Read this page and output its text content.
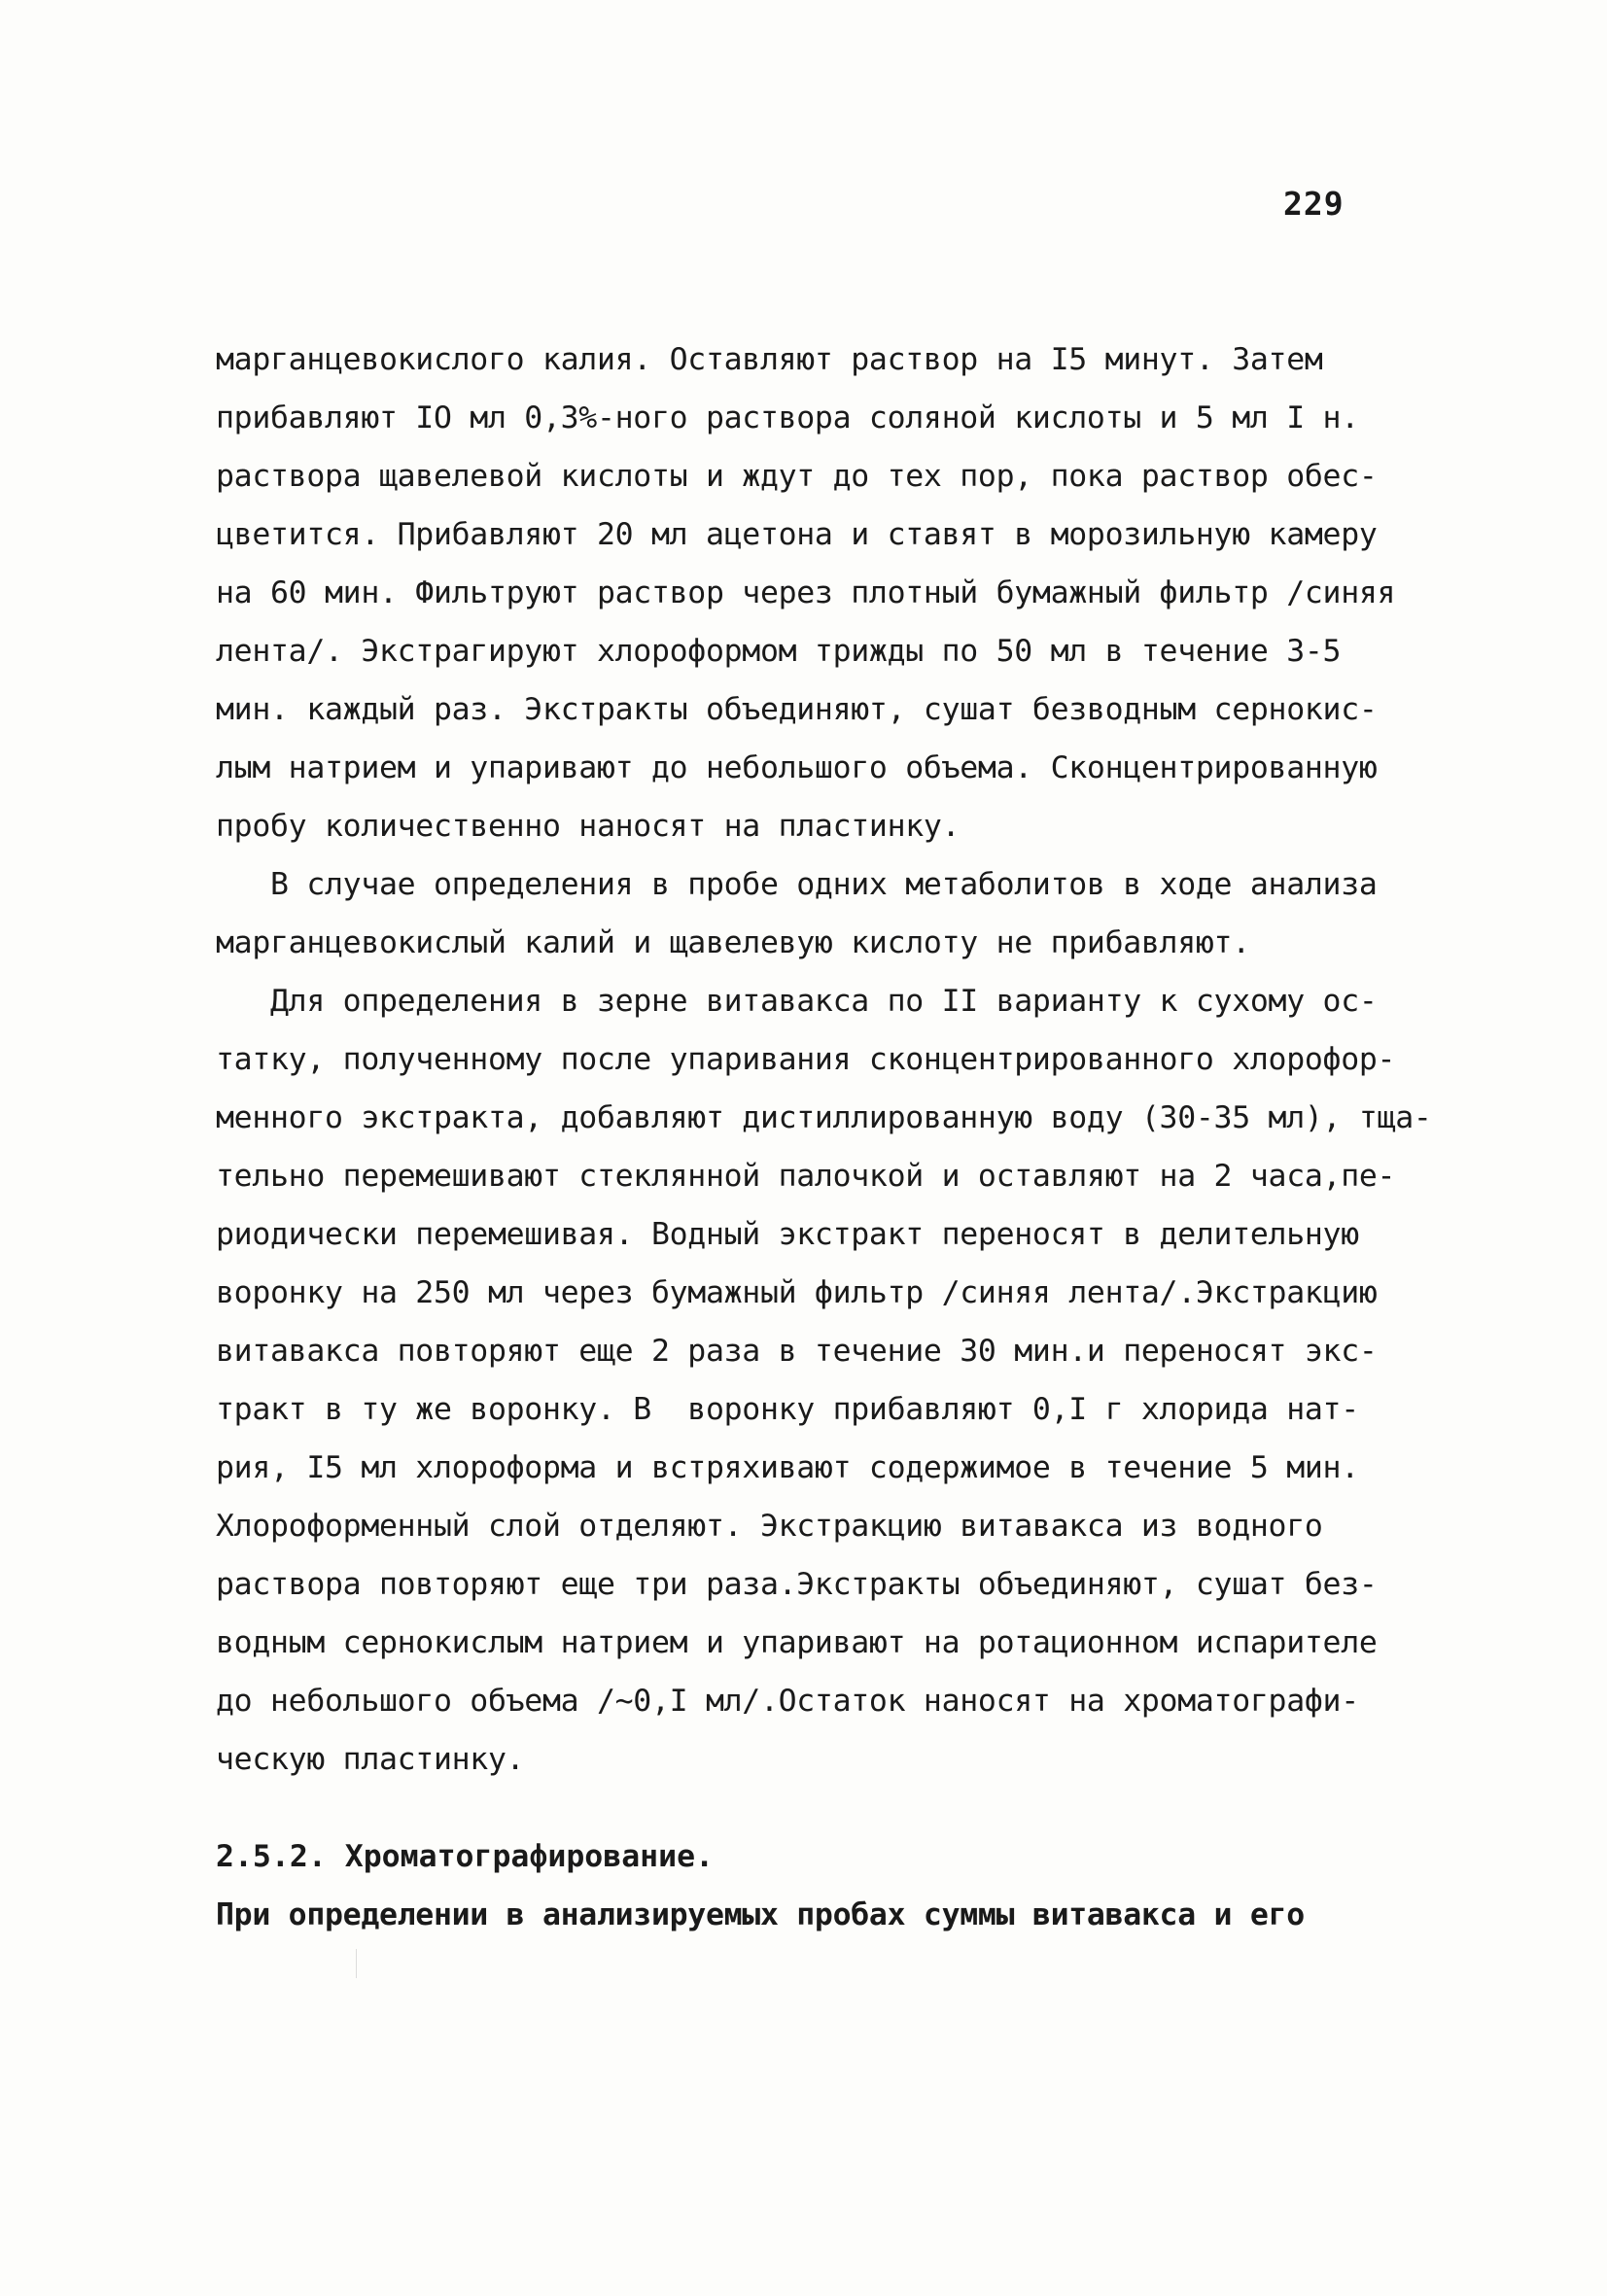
229
марганцевокислого калия. Оставляют раствор на I5 минут. Затем
прибавляют IO мл 0,3%-ного раствора соляной кислоты и 5 мл I н.
раствора щавелевой кислоты и ждут до тех пор, пока раствор обес-
цветится. Прибавляют 20 мл ацетона и ставят в морозильную камеру
на 60 мин. Фильтруют раствор через плотный бумажный фильтр /синяя
лента/. Экстрагируют хлороформом трижды по 50 мл в течение 3-5
мин. каждый раз. Экстракты объединяют, сушат безводным сернокис-
лым натрием и упаривают до небольшого объема. Сконцентрированную
пробу количественно наносят на пластинку.
В случае определения в пробе одних метаболитов в ходе анализа
марганцевокислый калий и щавелевую кислоту не прибавляют.
Для определения в зерне витавакса по II варианту к сухому ос-
татку, полученному после упаривания сконцентрированного хлорофор-
менного экстракта, добавляют дистиллированную воду (30-35 мл), тща-
тельно перемешивают стеклянной палочкой и оставляют на 2 часа,пе-
риодически перемешивая. Водный экстракт переносят в делительную
воронку на 250 мл через бумажный фильтр /синяя лента/.Экстракцию
витавакса повторяют еще 2 раза в течение 30 мин.и переносят экс-
тракт в ту же воронку. В  воронку прибавляют 0,I г хлорида нат-
рия, I5 мл хлороформа и встряхивают содержимое в течение 5 мин.
Хлороформенный слой отделяют. Экстракцию витавакса из водного
раствора повторяют еще три раза.Экстракты объединяют, сушат без-
водным сернокислым натрием и упаривают на ротационном испарителе
до небольшого объема /~0,I мл/.Остаток наносят на хроматографи-
ческую пластинку.
2.5.2. Хроматографирование.
При определении в анализируемых пробах суммы витавакса и его
